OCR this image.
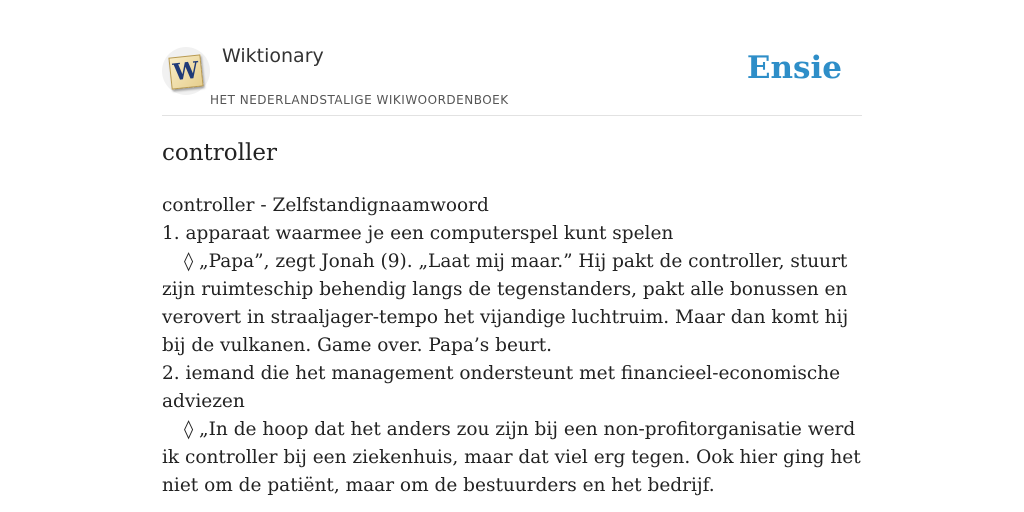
W
Wiktionary
HET NEDERLANDSTALIGE WIKIWOORDENBOEK
Ensie
controller

controller - Zelfstandignaamwoord

1. apparaat waarmee je een computerspel kunt spelen

◊ „Papa”, zegt Jonah (9). „Laat mij maar.” Hij pakt de controller, stuurt zijn ruimteschip behendig langs de tegenstanders, pakt alle bonussen en verovert in straaljager-tempo het vijandige luchtruim. Maar dan komt hij bij de vulkanen. Game over. Papa’s beurt.

2. iemand die het management ondersteunt met financieel-economische adviezen

◊ „In de hoop dat het anders zou zijn bij een non-profitorganisatie werd ik controller bij een ziekenhuis, maar dat viel erg tegen. Ook hier ging het niet om de patiënt, maar om de bestuurders en het bedrijf.
